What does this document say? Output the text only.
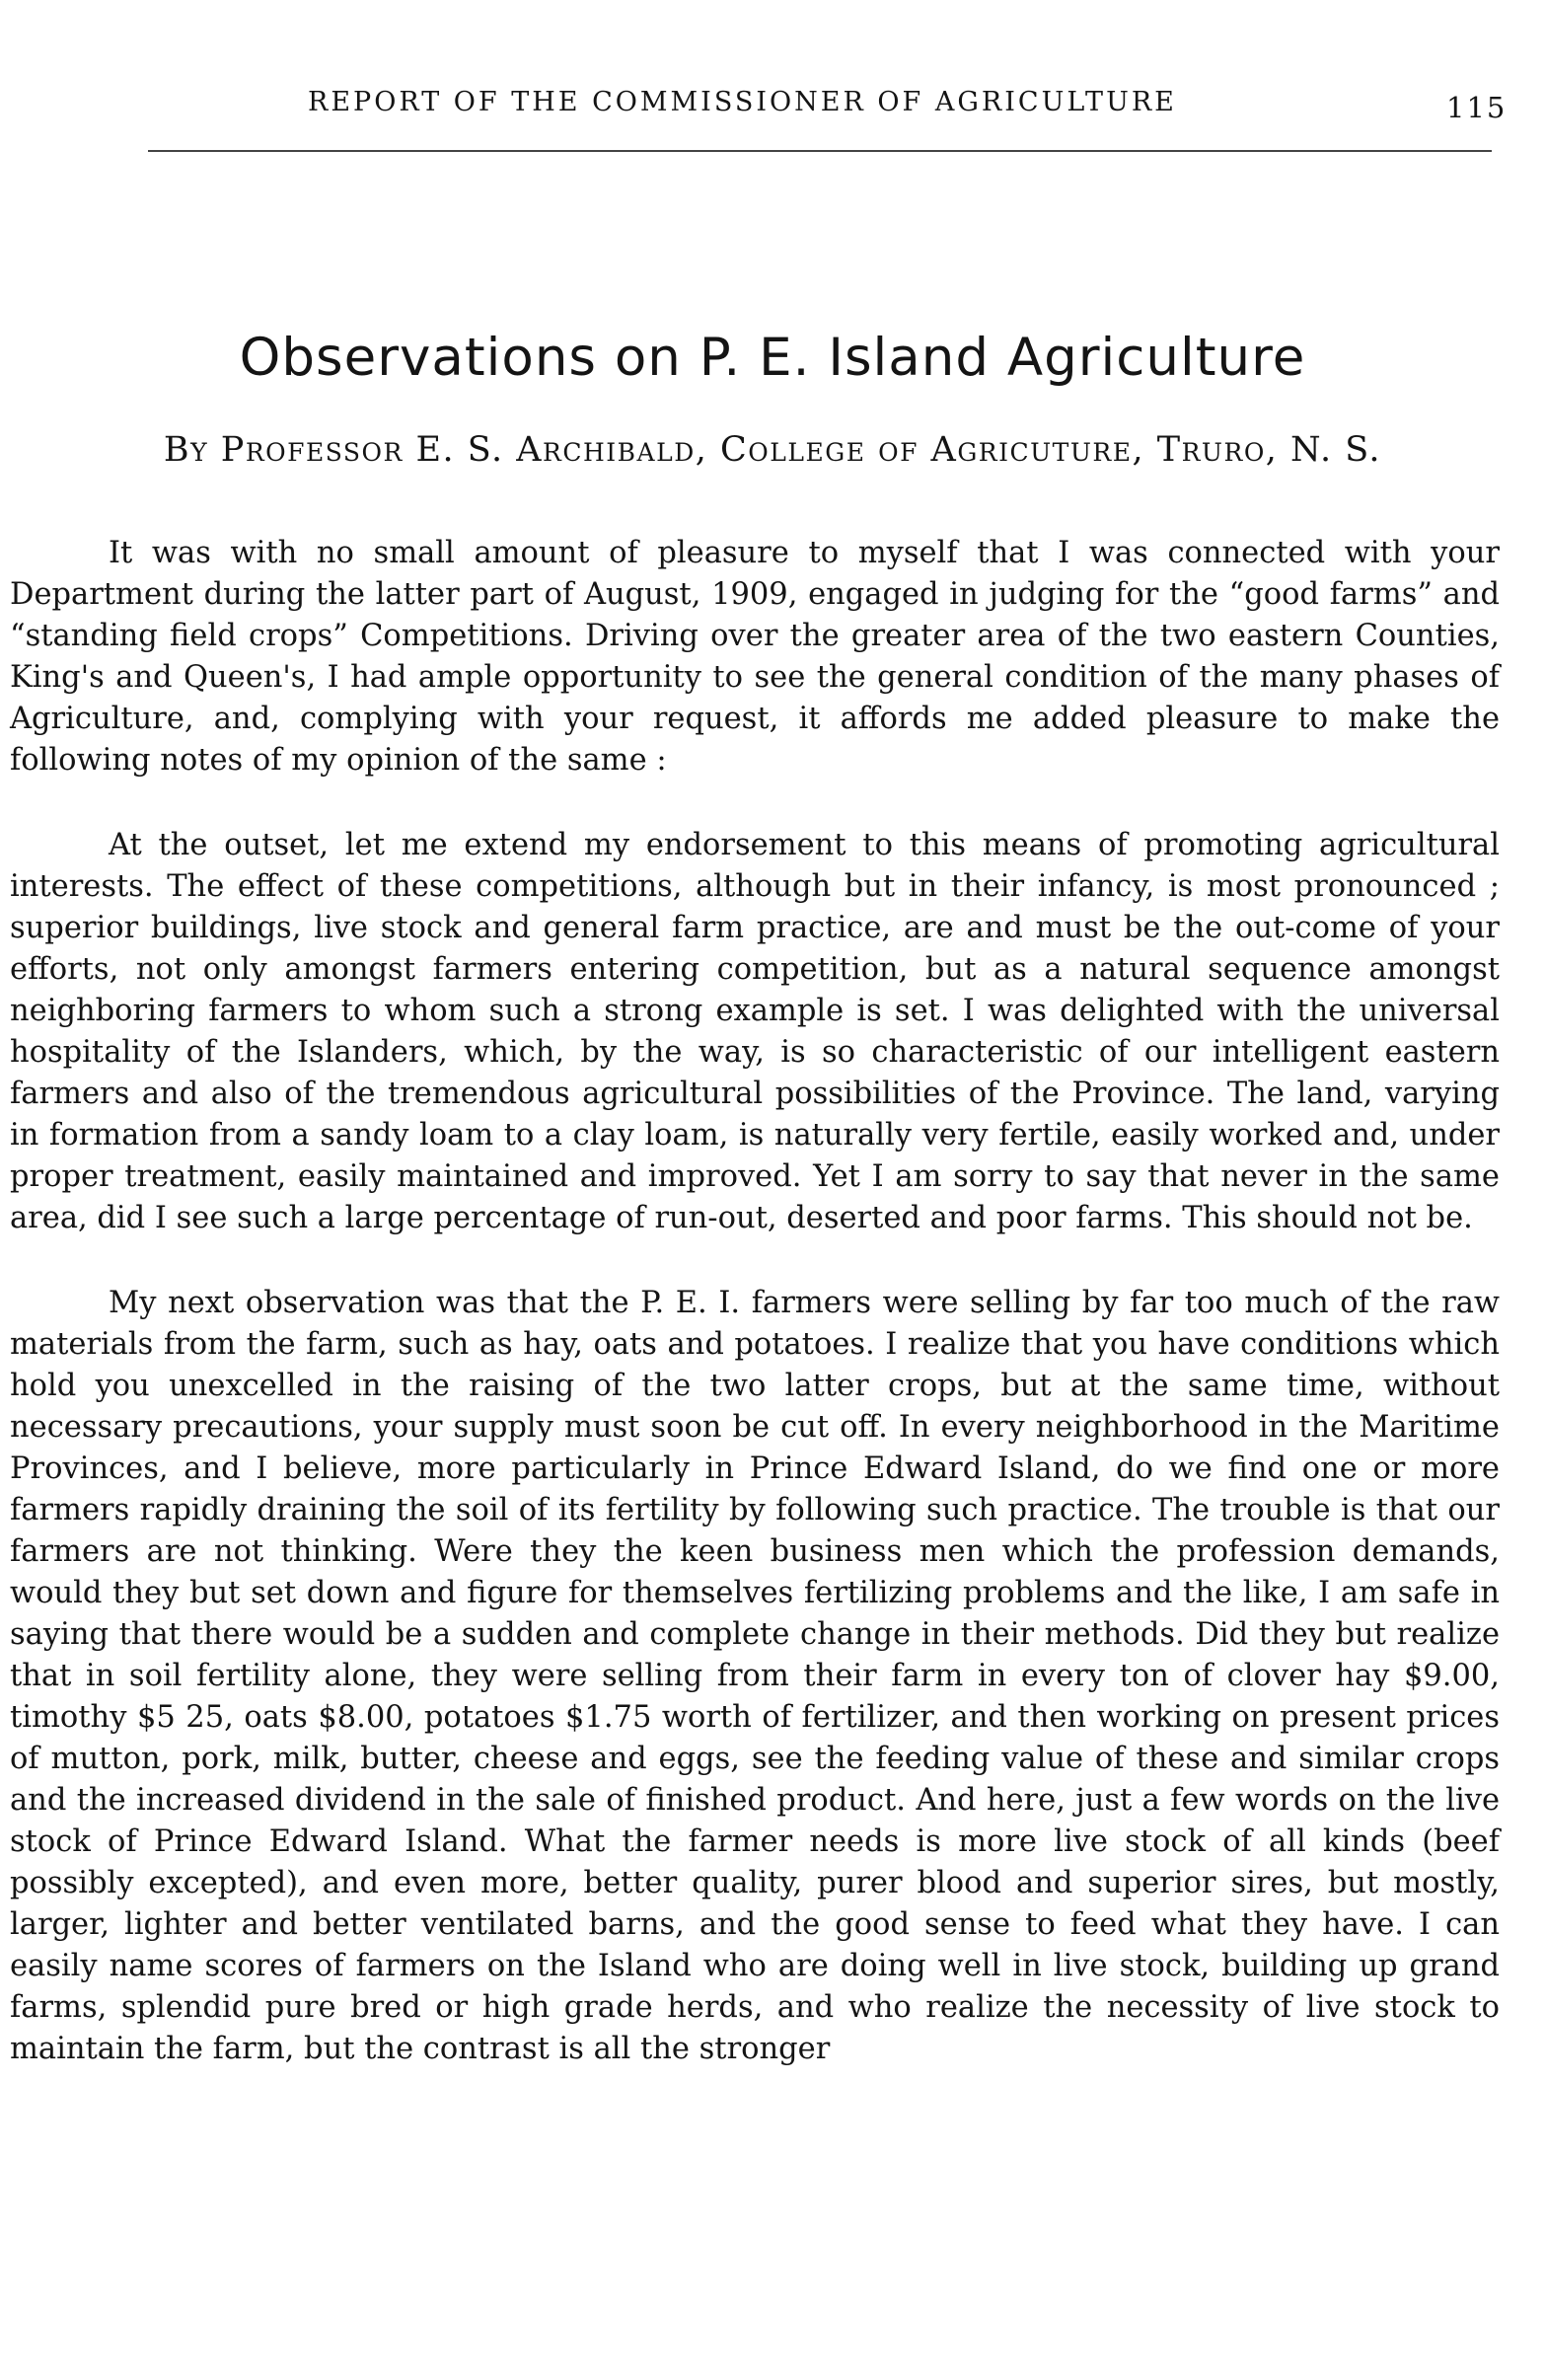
REPORT OF THE COMMISSIONER OF AGRICULTURE	115
Observations on P. E. Island Agriculture
By Professor E. S. Archibald, College of Agricuture, Truro, N. S.

It was with no small amount of pleasure to myself that I was connected with your Department during the latter part of August, 1909, engaged in judging for the “good farms” and “standing field crops” Competitions. Driving over the greater area of the two eastern Counties, King's and Queen's, I had ample opportunity to see the general condition of the many phases of Agriculture, and, complying with your request, it affords me added pleasure to make the following notes of my opinion of the same :

At the outset, let me extend my endorsement to this means of promoting agricultural interests. The effect of these competitions, although but in their infancy, is most pronounced ; superior buildings, live stock and general farm practice, are and must be the out-come of your efforts, not only amongst farmers entering competition, but as a natural sequence amongst neighboring farmers to whom such a strong example is set. I was delighted with the universal hospitality of the Islanders, which, by the way, is so characteristic of our intelligent eastern farmers and also of the tremendous agricultural possibilities of the Province. The land, varying in formation from a sandy loam to a clay loam, is naturally very fertile, easily worked and, under proper treatment, easily maintained and improved. Yet I am sorry to say that never in the same area, did I see such a large percentage of run-out, deserted and poor farms. This should not be.

My next observation was that the P. E. I. farmers were selling by far too much of the raw materials from the farm, such as hay, oats and potatoes. I realize that you have conditions which hold you unexcelled in the raising of the two latter crops, but at the same time, without necessary precautions, your supply must soon be cut off. In every neighborhood in the Maritime Provinces, and I believe, more particularly in Prince Edward Island, do we find one or more farmers rapidly draining the soil of its fertility by following such practice. The trouble is that our farmers are not thinking. Were they the keen business men which the profession demands, would they but set down and figure for themselves fertilizing problems and the like, I am safe in saying that there would be a sudden and complete change in their methods. Did they but realize that in soil fertility alone, they were selling from their farm in every ton of clover hay $9.00, timothy $5 25, oats $8.00, potatoes $1.75 worth of fertilizer, and then working on present prices of mutton, pork, milk, butter, cheese and eggs, see the feeding value of these and similar crops and the increased dividend in the sale of finished product. And here, just a few words on the live stock of Prince Edward Island. What the farmer needs is more live stock of all kinds (beef possibly excepted), and even more, better quality, purer blood and superior sires, but mostly, larger, lighter and better ventilated barns, and the good sense to feed what they have. I can easily name scores of farmers on the Island who are doing well in live stock, building up grand farms, splendid pure bred or high grade herds, and who realize the necessity of live stock to maintain the farm, but the contrast is all the stronger
